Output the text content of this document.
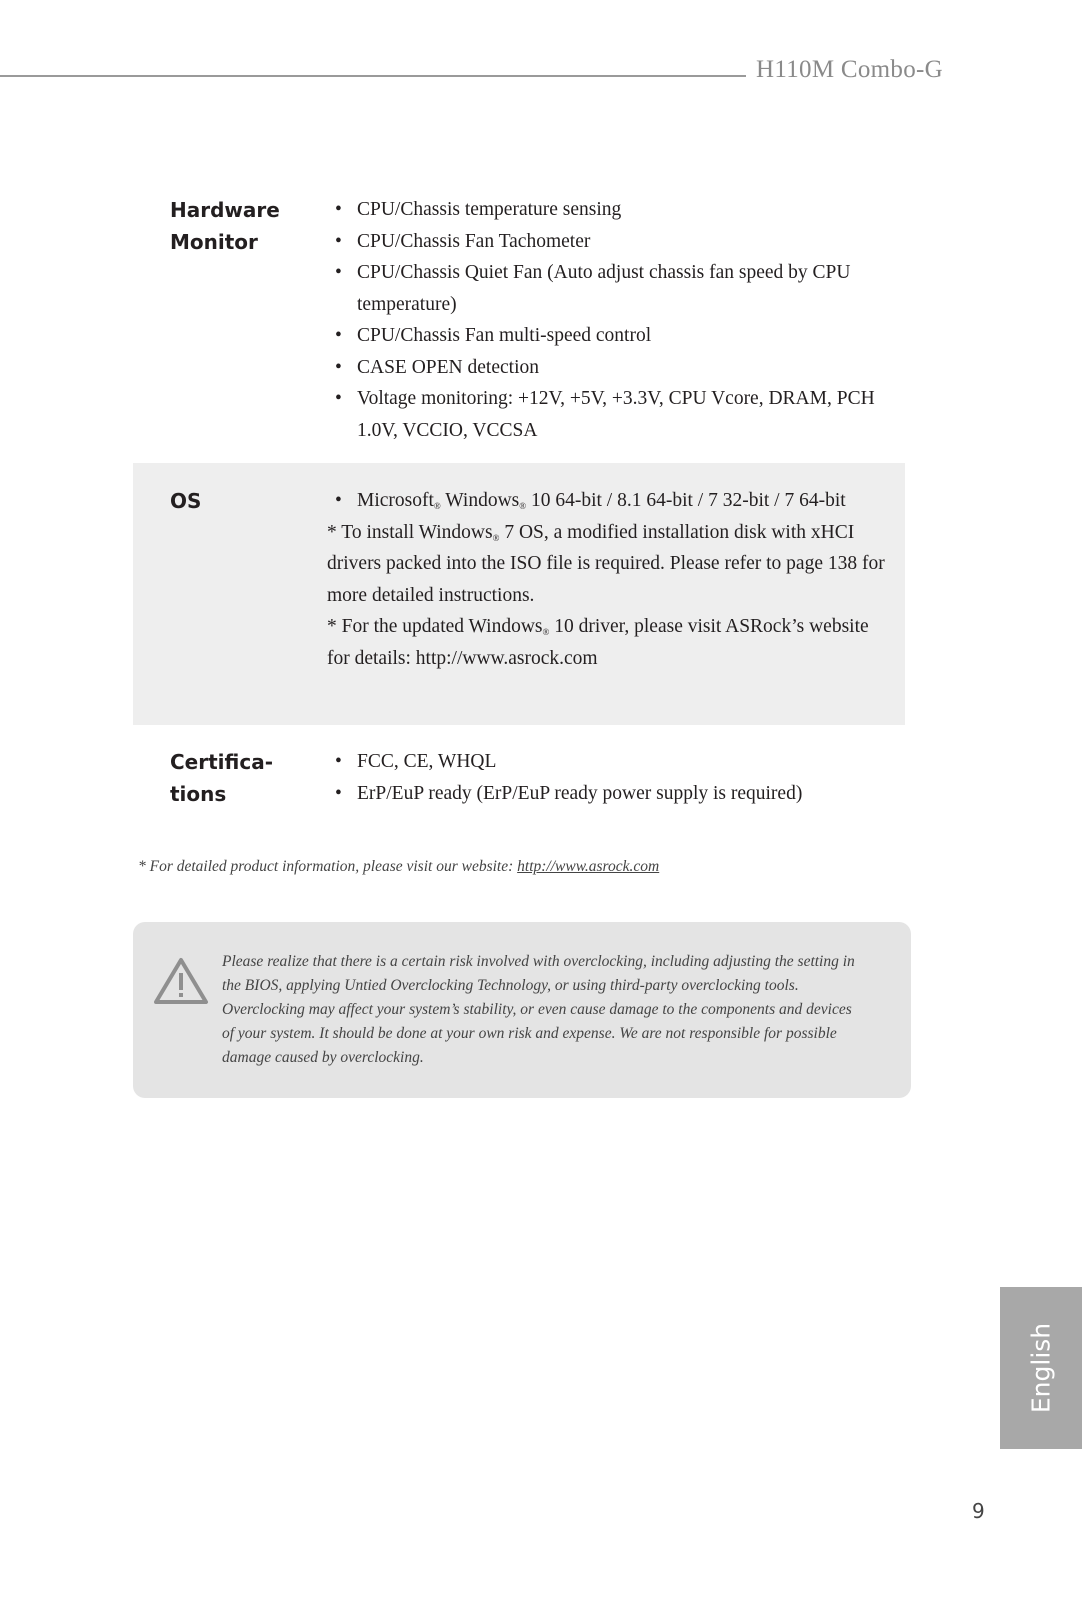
H110M Combo-G
Hardware
Monitor
• CPU/Chassis temperature sensing
• CPU/Chassis Fan Tachometer
• CPU/Chassis Quiet Fan (Auto adjust chassis fan speed by CPU temperature)
• CPU/Chassis Fan multi-speed control
• CASE OPEN detection
• Voltage monitoring: +12V, +5V, +3.3V, CPU Vcore, DRAM, PCH 1.0V, VCCIO, VCCSA
OS
•	Microsoft® Windows® 10 64-bit / 8.1 64-bit / 7 32-bit / 7 64-bit

* To install Windows® 7 OS, a modified installation disk with xHCI drivers packed into the ISO file is required. Please refer to page 138 for more detailed instructions.

* For the updated Windows® 10 driver, please visit ASRock’s website for details: http://www.asrock.com

Certifica-
tions
• FCC, CE, WHQL
• ErP/EuP ready (ErP/EuP ready power supply is required)
* For detailed product information, please visit our website: http://www.asrock.com
Please realize that there is a certain risk involved with overclocking, including adjusting the setting in the BIOS, applying Untied Overclocking Technology, or using third-party overclocking tools. Overclocking may affect your system’s stability, or even cause damage to the components and devices of your system. It should be done at your own risk and expense. We are not responsible for possible damage caused by overclocking.
English
9
